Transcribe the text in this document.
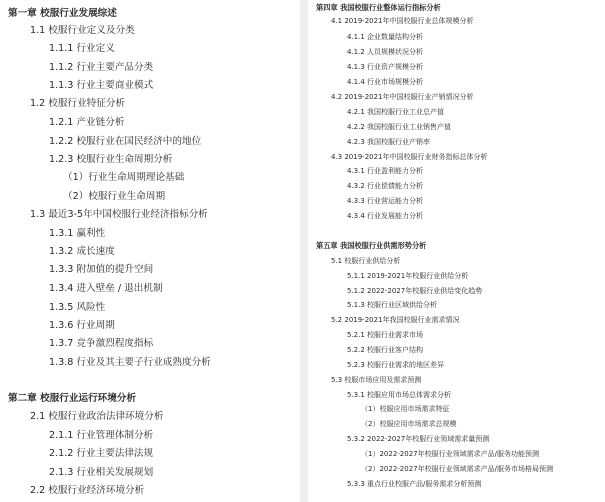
第一章 校服行业发展综述
1.1 校服行业定义及分类
1.1.1 行业定义
1.1.2 行业主要产品分类
1.1.3 行业主要商业模式
1.2 校服行业特征分析
1.2.1 产业链分析
1.2.2 校服行业在国民经济中的地位
1.2.3 校服行业生命周期分析
（1）行业生命周期理论基础
（2）校服行业生命周期
1.3 最近3-5年中国校服行业经济指标分析
1.3.1 赢利性
1.3.2 成长速度
1.3.3 附加值的提升空间
1.3.4 进入壁垒 / 退出机制
1.3.5 风险性
1.3.6 行业周期
1.3.7 竞争激烈程度指标
1.3.8 行业及其主要子行业成熟度分析
第二章 校服行业运行环境分析
2.1 校服行业政治法律环境分析
2.1.1 行业管理体制分析
2.1.2 行业主要法律法规
2.1.3 行业相关发展规划
2.2 校服行业经济环境分析
第四章 我国校服行业整体运行指标分析
4.1 2019-2021年中国校服行业总体规模分析
4.1.1 企业数量结构分析
4.1.2 人员规模状况分析
4.1.3 行业资产规模分析
4.1.4 行业市场规模分析
4.2 2019-2021年中国校服行业产销情况分析
4.2.1 我国校服行业工业总产值
4.2.2 我国校服行业工业销售产值
4.2.3 我国校服行业产销率
4.3 2019-2021年中国校服行业财务指标总体分析
4.3.1 行业盈利能力分析
4.3.2 行业偿债能力分析
4.3.3 行业营运能力分析
4.3.4 行业发展能力分析
第五章 我国校服行业供需形势分析
5.1 校服行业供给分析
5.1.1 2019-2021年校服行业供给分析
5.1.2 2022-2027年校服行业供给变化趋势
5.1.3 校服行业区域供给分析
5.2 2019-2021年我国校服行业需求情况
5.2.1 校服行业需求市场
5.2.2 校服行业客户结构
5.2.3 校服行业需求的地区差异
5.3 校服市场应用及需求预测
5.3.1 校服应用市场总体需求分析
（1）校服应用市场需求特征
（2）校服应用市场需求总规模
5.3.2 2022-2027年校服行业领域需求量预测
（1）2022-2027年校服行业领域需求产品/服务功能预测
（2）2022-2027年校服行业领域需求产品/服务市场格局预测
5.3.3 重点行业校服产品/服务需求分析预测
